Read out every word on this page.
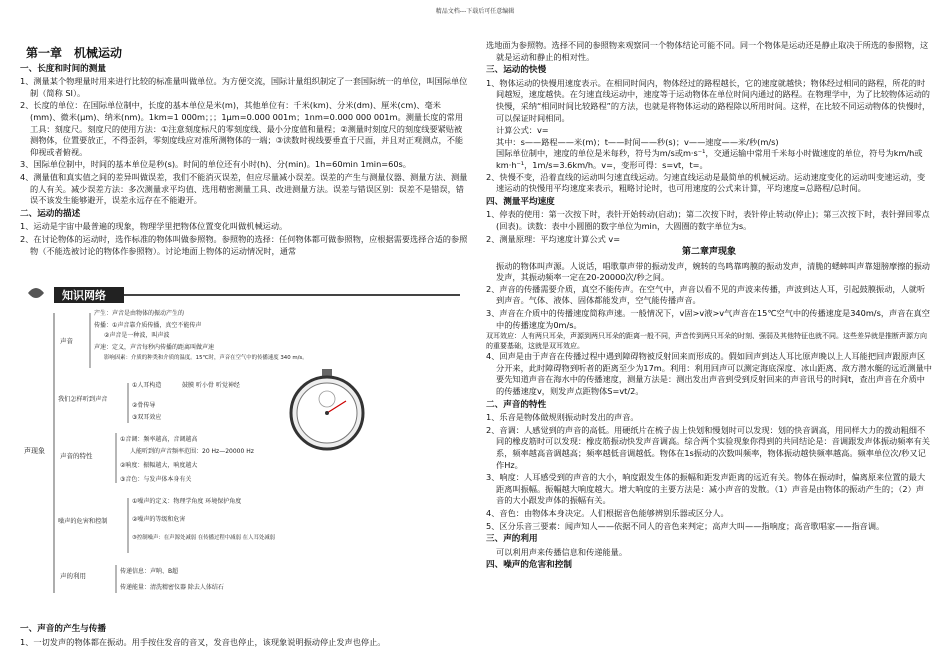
精品文档---下载后可任意编辑
第一章　机械运动
一、长度和时间的测量
1、测量某个物理量时用来进行比较的标准量叫做单位。为方便交流，国际计量组织制定了一套国际统一的单位，叫国际单位制（简称 SI）。
2、长度的单位：在国际单位制中，长度的基本单位是米(m)，其他单位有：千米(km)、分米(dm)、厘米(cm)、毫米(mm)、微米(μm)、纳米(nm)。1km=1 000m；；；1μm=0.000 001m；1nm=0.000 000 001m。测量长度的常用工具：刻度尺。刻度尺的使用方法：①注意刻度标尺的零刻度线、最小分度值和量程；②测量时刻度尺的刻度线要紧贴被测物体，位置要放正，不得歪斜，零刻度线应对准所测物体的一端；③读数时视线要垂直于尺面，并且对正观测点，不能仰视或者俯视。
3、国际单位制中，时间的基本单位是秒(s)。时间的单位还有小时(h)、分(min)。1h=60min 1min=60s。
4、测量值和真实值之间的差异叫做误差，我们不能消灭误差，但应尽量减小误差。误差的产生与测量仪器、测量方法、测量的人有关。减少误差方法：多次测量求平均值、选用精密测量工具、改进测量方法。误差与错误区别：误差不是错误，错误不该发生能够避开，误差永远存在不能避开。
二、运动的描述
1、运动是宇宙中最普遍的现象，物理学里把物体位置变化叫做机械运动。
2、在讨论物体的运动时，选作标准的物体叫做参照物。参照物的选择：任何物体都可做参照物，应根据需要选择合适的参照物（不能选被讨论的物体作参照物）。讨论地面上物体的运动情况时，通常
知识网络
声现象
声音
我们怎样听到声音
声音的特性
噪声的危害和控制
声的利用
产生：声音是由物体的振动产生的
传播：①声音靠介质传播，真空不能传声
②声音是一种波，叫声波
声速：定义，声音每秒内传播的距离叫做声速
影响因素：介质的种类和介质的温度。15℃时，声音在空气中的传播速度 340 m/s。
①人耳构造	鼓膜 听小骨 听觉神经
②骨传导
③双耳效应
①音调：频率越高，音调越高
人能听到的声音频率范围：20 Hz—20000 Hz
②响度：振幅越大，响度越大
③音色：与发声体本身有关
①噪声的定义：物理学角度 环境保护角度
②噪声的等级和危害
③控制噪声：在声源处减弱 在传播过程中减弱 在人耳处减弱
传递信息：声呐、B超
传递能量：清洗精密仪器 除去人体结石
一、声音的产生与传播
1、一切发声的物体都在振动。用手按住发音的音叉，发音也停止，该现象说明振动停止发声也停止。
选地面为参照物。选择不同的参照物来观察同一个物体结论可能不同。同一个物体是运动还是静止取决于所选的参照物，这就是运动和静止的相对性。
三、运动的快慢
1、物体运动的快慢用速度表示。在相同时间内，物体经过的路程越长，它的速度就越快；物体经过相同的路程，所花的时间越短，速度越快。在匀速直线运动中，速度等于运动物体在单位时间内通过的路程。在物理学中，为了比较物体运动的快慢，采纳“相同时间比较路程”的方法，也就是将物体运动的路程除以所用时间。这样，在比较不同运动物体的快慢时，可以保证时间相同。
计算公式：v=
其中：s——路程——米(m)；t——时间——秒(s)；v——速度——米/秒(m/s)
国际单位制中，速度的单位是米每秒，符号为m/s或m·s⁻¹，交通运输中常用千米每小时做速度的单位，符号为km/h或km·h⁻¹，1m/s=3.6km/h。v=，变形可得：s=vt，t=。
2、快慢不变，沿着直线的运动叫匀速直线运动。匀速直线运动是最简单的机械运动。运动速度变化的运动叫变速运动，变速运动的快慢用平均速度来表示，粗略讨论时，也可用速度的公式来计算，平均速度=总路程/总时间。
四、测量平均速度
1、停表的使用：第一次按下时，表针开始转动(启动)；第二次按下时，表针停止转动(停止)；第三次按下时，表针弹回零点(回表)。读数：表中小圆圈的数字单位为min，大圆圈的数字单位为s。
2、测量原理：平均速度计算公式 v=
第二章声现象
振动的物体叫声源。人说话，唱歌靠声带的振动发声，婉转的鸟鸣靠鸣膜的振动发声，清脆的蟋蟀叫声靠翅膀摩擦的振动发声，其振动频率一定在20-20000次/秒之间。
2、声音的传播需要介质，真空不能传声。在空气中，声音以看不见的声波来传播，声波到达人耳，引起鼓膜振动，人就听到声音。气体、液体、固体都能发声，空气能传播声音。
3、声音在介质中的传播速度简称声速。一般情况下，v固>v液>v气声音在15℃空气中的传播速度是340m/s，声音在真空中的传播速度为0m/s。
双耳效应：人有两只耳朵，声源到两只耳朵的距离一般不同，声音传到两只耳朵的时刻、强弱及其他特征也就不同。这些差异就是推断声源方向的重要基础，这就是双耳效应。
4、回声是由于声音在传播过程中遇到障碍物被反射回来而形成的。假如回声到达人耳比原声晚以上人耳能把回声跟原声区分开来，此时障碍物到听者的距离至少为17m。利用：利用回声可以测定海底深度、冰山距离、敌方潜水艇的远近测量中要先知道声音在海水中的传播速度，测量方法是：测出发出声音到受到反射回来的声音讯号的时间t，查出声音在介质中的传播速度v，则发声点距物体S=vt/2。
二、声音的特性
1、乐音是物体做规则振动时发出的声音。
2、音调：人感觉到的声音的高低。用硬纸片在梳子齿上快划和慢划时可以发现：划的快音调高，用同样大力的拨动粗细不同的橡皮筋时可以发现：橡皮筋振动快发声音调高。综合两个实验现象你得到的共同结论是：音调跟发声体振动频率有关系，频率越高音调越高；频率越低音调越低。物体在1s振动的次数叫频率，物体振动越快频率越高。频率单位次/秒又记作Hz。
3、响度：人耳感受到的声音的大小，响度跟发生体的振幅和距发声距离的远近有关。物体在振动时，偏离原来位置的最大距离叫振幅。振幅越大响度越大。增大响度的主要方法是：减小声音的发散。（1）声音是由物体的振动产生的；（2）声音的大小跟发声体的振幅有关。
4、音色：由物体本身决定。人们根据音色能够辨别乐器或区分人。
5、区分乐音三要素：闻声知人——依据不同人的音色来判定；高声大叫——指响度；高音歌唱家——指音调。
三、声的利用
可以利用声来传播信息和传递能量。
四、噪声的危害和控制
